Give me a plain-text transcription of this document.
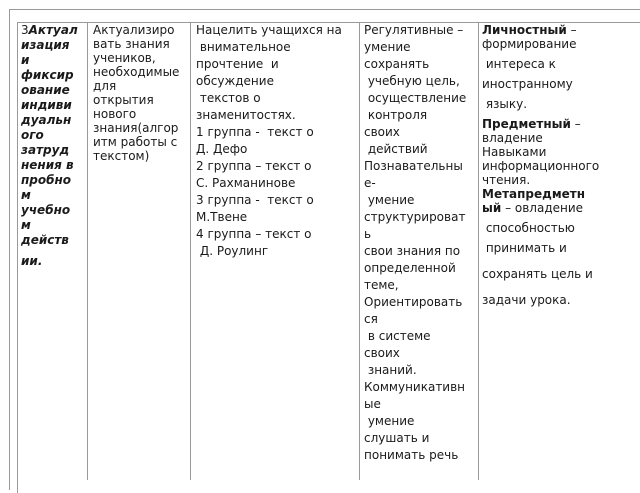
3Актуал
изация
и
фиксир
ование
индиви
дуальн
ого
затруд
нения в
пробно
м
учебно
м
действ
ии.
Актуализиро
вать знания
учеников,
необходимые
для
открытия
нового
знания(алгор
итм работы с
текстом)
Нацелить учащихся на
внимательное
прочтение  и
обсуждение
текстов о
знаменитостях.
1 группа -  текст о
Д. Дефо
2 группа – текст о
С. Рахманинове
3 группа -  текст о
М.Твене
4 группа – текст о
Д. Роулинг
Регулятивные –
умение
сохранять
учебную цель,
осуществление
контроля
своих
действий
Познавательны
е-
умение
структурироват
ь
свои знания по
определенной
теме,
Ориентировать
ся
в системе
своих
знаний.
Коммуникативн
ые
умение
слушать и
понимать речь
Личностный – формирование
интереса к
иностранному
языку.
Предметный – владение
Навыками
информационного чтения.
Метапредметн
ый – овладение
способностью
принимать и
сохранять цель и
задачи урока.
